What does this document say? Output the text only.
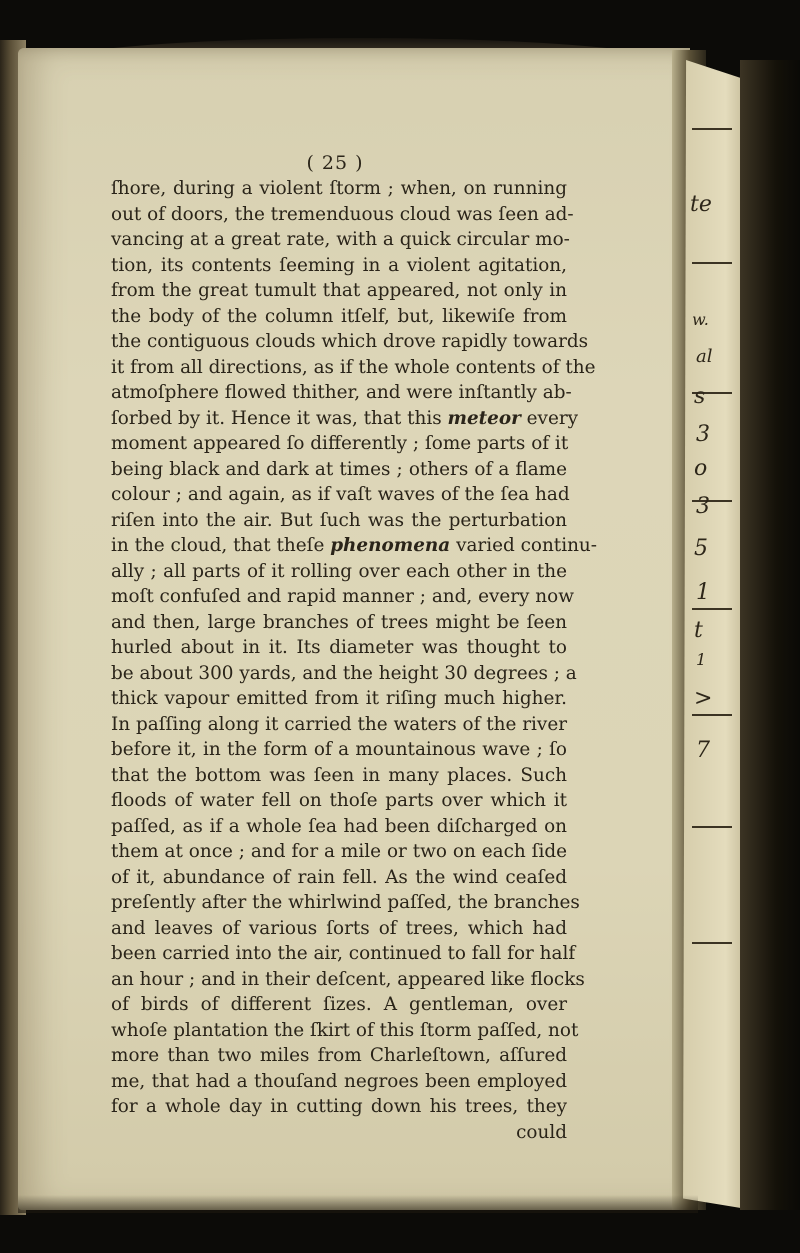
te
w.
al
s
3
o
3
5
1
t
1
>
7
( 25 )
ſhore, during a violent ſtorm ; when, on running
out of doors, the tremenduous cloud was ſeen ad-
vancing at a great rate, with a quick circular mo-
tion, its contents ſeeming in a violent agitation,
from the great tumult that appeared, not only in
the body of the column itſelf, but, likewiſe from
the contiguous clouds which drove rapidly towards
it from all directions, as if the whole contents of the
atmoſphere flowed thither, and were inſtantly ab-
ſorbed by it. Hence it was, that this meteor every
moment appeared ſo differently ; ſome parts of it
being black and dark at times ; others of a flame
colour ; and again, as if vaſt waves of the ſea had
riſen into the air. But ſuch was the perturbation
in the cloud, that theſe phenomena varied continu-
ally ; all parts of it rolling over each other in the
moſt confuſed and rapid manner ; and, every now
and then, large branches of trees might be ſeen
hurled about in it. Its diameter was thought to
be about 300 yards, and the height 30 degrees ; a
thick vapour emitted from it riſing much higher.
In paſſing along it carried the waters of the river
before it, in the form of a mountainous wave ; ſo
that the bottom was ſeen in many places. Such
floods of water fell on thoſe parts over which it
paſſed, as if a whole ſea had been diſcharged on
them at once ; and for a mile or two on each ſide
of it, abundance of rain fell. As the wind ceaſed
preſently after the whirlwind paſſed, the branches
and leaves of various ſorts of trees, which had
been carried into the air, continued to fall for half
an hour ; and in their deſcent, appeared like flocks
of birds of different ſizes. A gentleman, over
whoſe plantation the ſkirt of this ſtorm paſſed, not
more than two miles from Charleſtown, aſſured
me, that had a thouſand negroes been employed
for a whole day in cutting down his trees, they
could
